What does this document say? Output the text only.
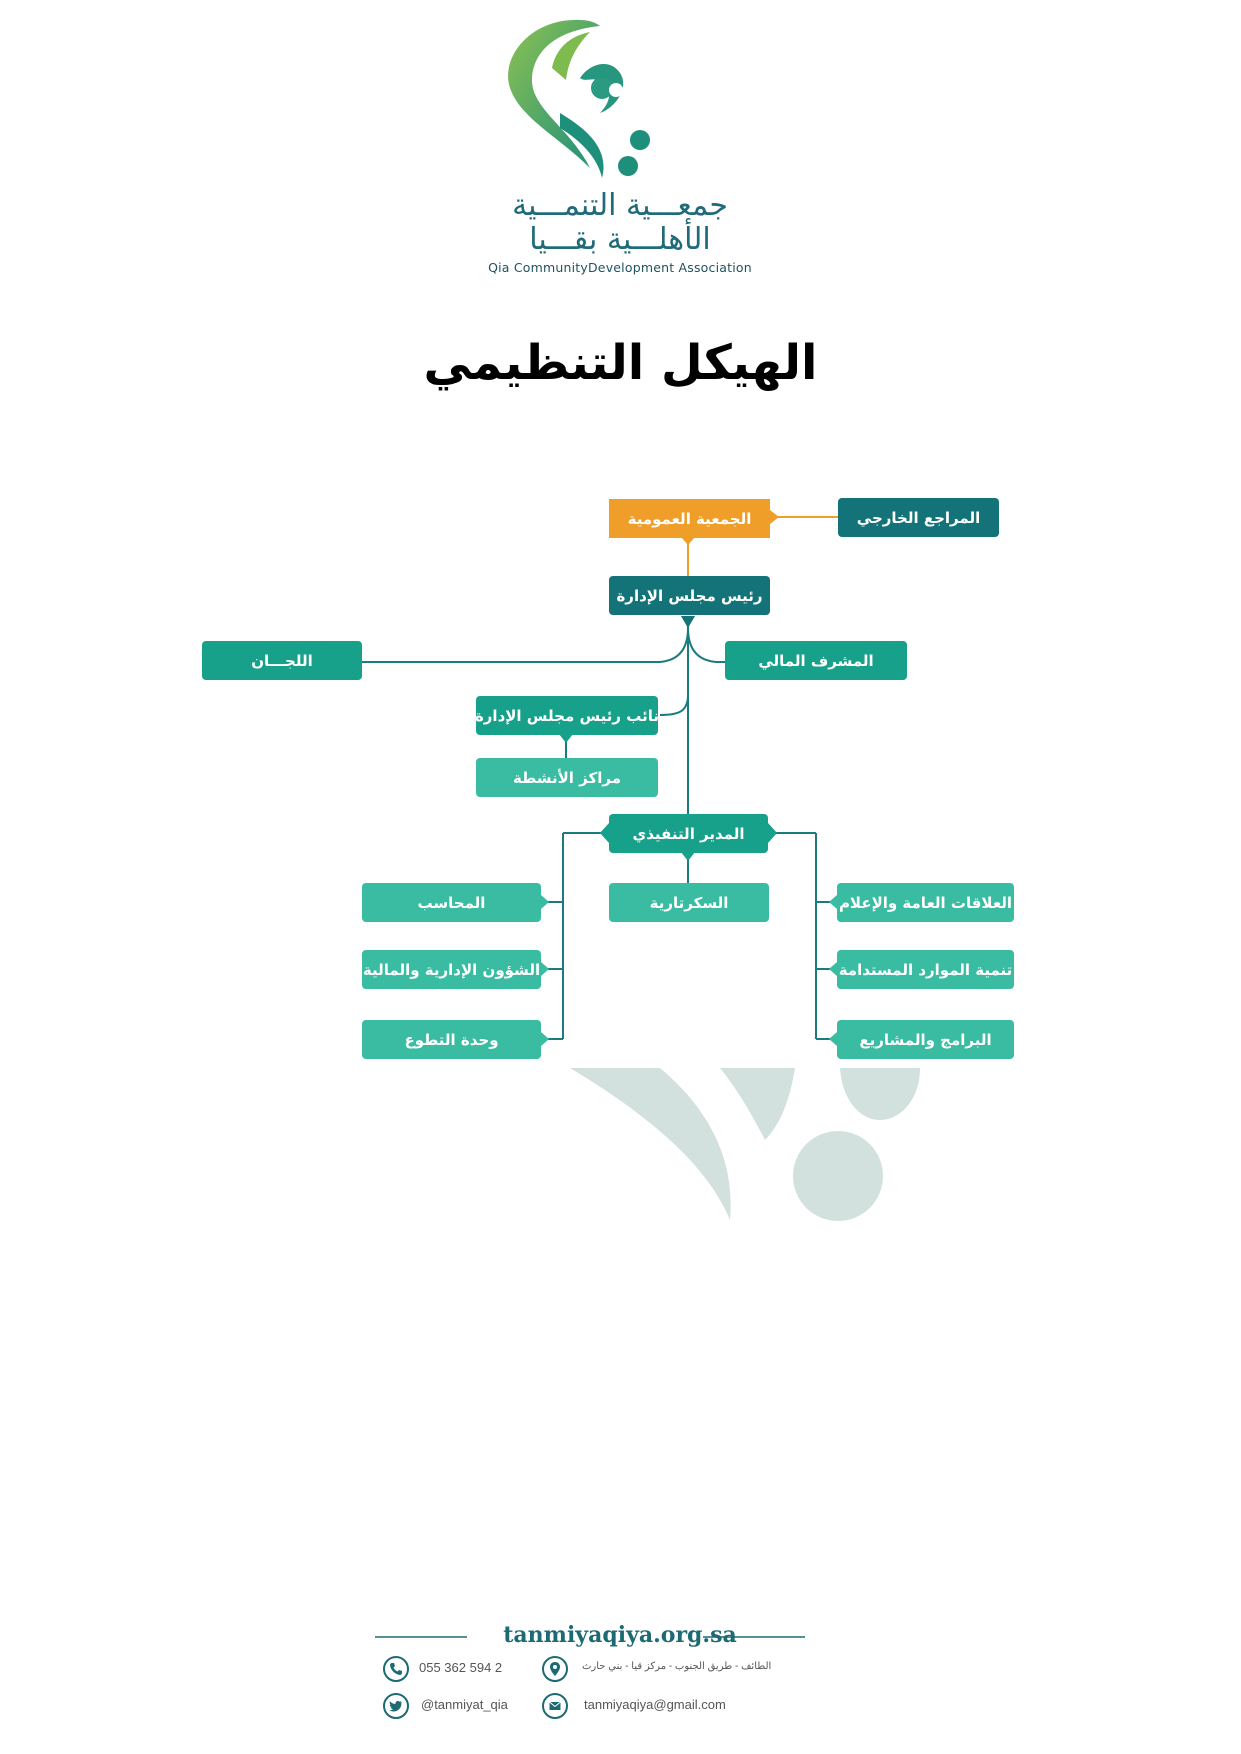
جمعـــية التنمـــية
الأهلـــية بقـــيا
Qia CommunityDevelopment Association
الهيكل التنظيمي
الجمعية العمومية	المراجع الخارجي
رئيس مجلس الإدارة
اللجـــان	المشرف المالي
نائب رئيس مجلس الإدارة
مراكز الأنشطة
المدير التنفيذي
المحاسب	السكرتارية	العلاقات العامة والإعلام
الشؤون الإدارية والمالية	تنمية الموارد المستدامة
وحدة التطوع	البرامج والمشاريع
tanmiyaqiya.org.sa
055 362 594 2	الطائف - طريق الجنوب - مركز قيا - بني حارث
@tanmiyat_qia	tanmiyaqiya@gmail.com
